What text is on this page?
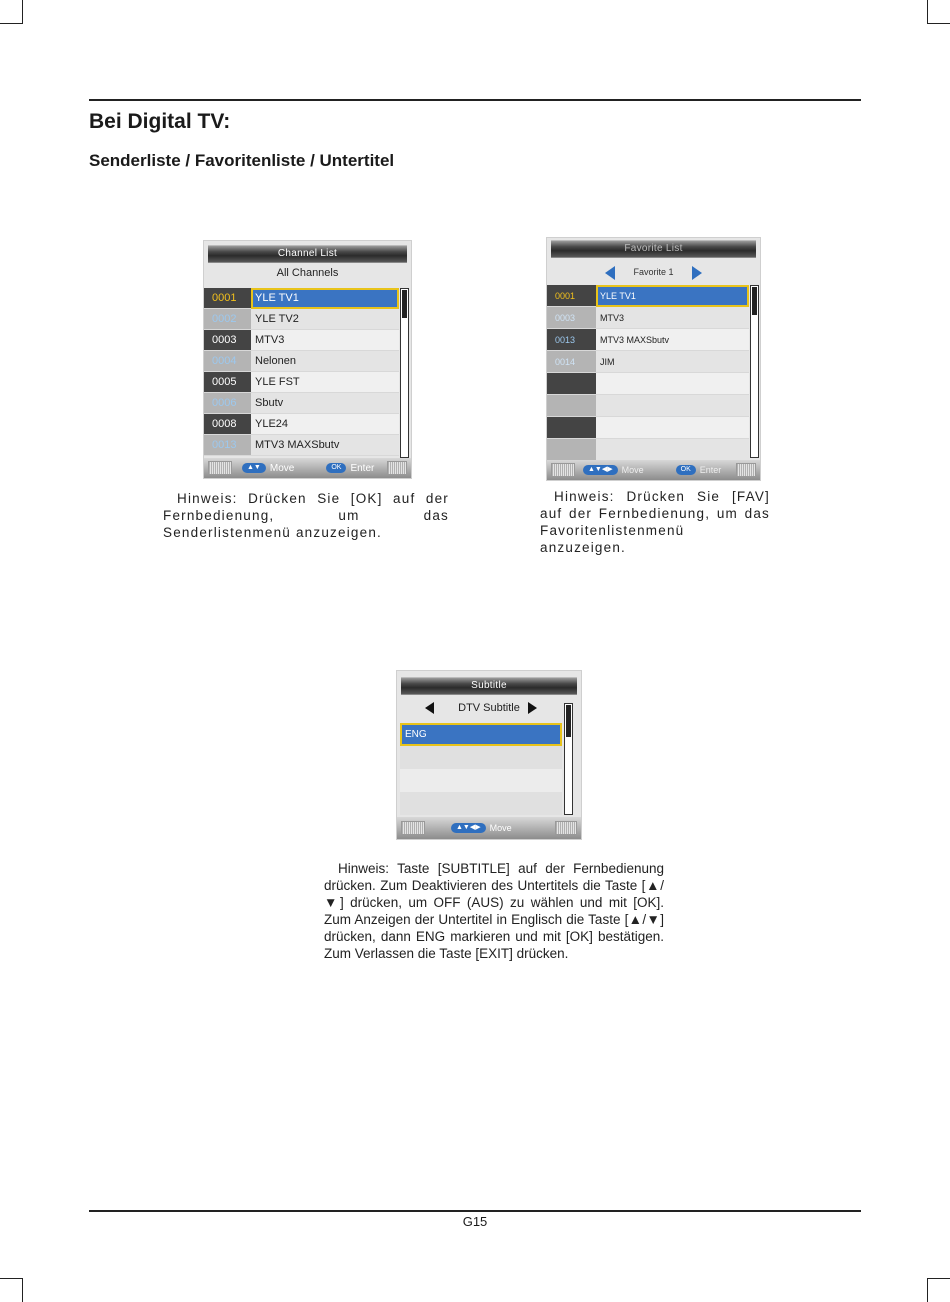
Bei Digital TV:
Senderliste / Favoritenliste / Untertitel
Channel List
All Channels
0001	YLE TV1
0002	YLE TV2
0003	MTV3
0004	Nelonen
0005	YLE FST
0006	Sbutv
0008	YLE24
0013	MTV3 MAXSbutv
▲▼ Move	OK Enter
Hinweis: Drücken Sie [OK] auf der Fernbedienung, um das Senderlistenmenü anzuzeigen.
Favorite List
Favorite 1
0001	YLE TV1
0003	MTV3
0013	MTV3 MAXSbutv
0014	JIM
▲▼◀▶	Move	OK	Enter
Hinweis: Drücken Sie [FAV] auf der Fernbedienung, um das Favoritenlistenmenü anzuzeigen.
Subtitle
DTV Subtitle
ENG
▲▼◀▶	Move
Hinweis: Taste [SUBTITLE] auf der Fernbedienung drücken. Zum Deaktivieren des Untertitels die Taste [▲/▼] drücken, um OFF (AUS) zu wählen und mit [OK]. Zum Anzeigen der Untertitel in Englisch die Taste [▲/▼] drücken, dann ENG markieren und mit [OK] bestätigen. Zum Verlassen die Taste [EXIT] drücken.
G15
